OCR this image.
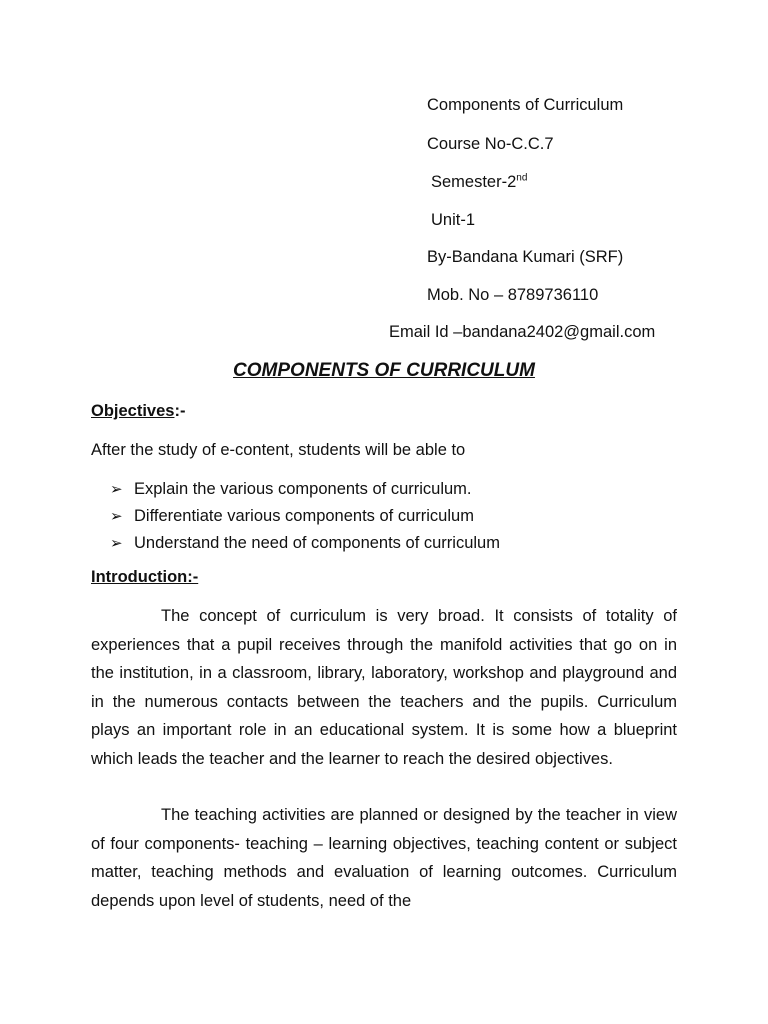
Components of Curriculum
Course No-C.C.7
Semester-2nd
Unit-1
By-Bandana Kumari (SRF)
Mob. No – 8789736110
Email Id –bandana2402@gmail.com
COMPONENTS OF CURRICULUM
Objectives:-
After the study of e-content, students will be able to
➢ Explain the various components of curriculum.
➢ Differentiate various components of curriculum
➢ Understand the need of components of curriculum
Introduction:-

The concept of curriculum is very broad. It consists of totality of experiences that a pupil receives through the manifold activities that go on in the institution, in a classroom, library, laboratory, workshop and playground and in the numerous contacts between the teachers and the pupils. Curriculum plays an important role in an educational system. It is some how a blueprint which leads the teacher and the learner to reach the desired objectives.

The teaching activities are planned or designed by the teacher in view of four components- teaching – learning objectives, teaching content or subject matter, teaching methods and evaluation of learning outcomes. Curriculum depends upon level of students, need of the
